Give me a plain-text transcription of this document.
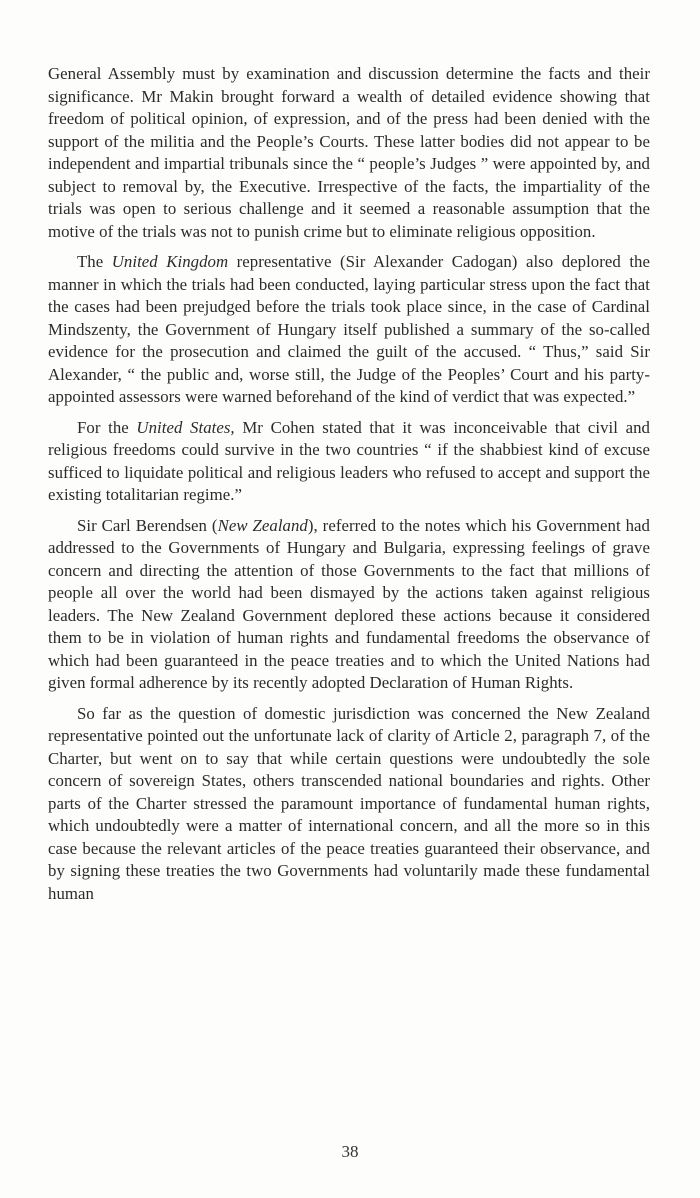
General Assembly must by examination and discussion determine the facts and their significance. Mr Makin brought forward a wealth of detailed evidence showing that freedom of political opinion, of expression, and of the press had been denied with the support of the militia and the People’s Courts. These latter bodies did not appear to be independent and impartial tribunals since the “ people’s Judges ” were appointed by, and subject to removal by, the Executive. Irrespective of the facts, the impartiality of the trials was open to serious challenge and it seemed a reasonable assumption that the motive of the trials was not to punish crime but to eliminate religious opposition.

The United Kingdom representative (Sir Alexander Cadogan) also deplored the manner in which the trials had been conducted, laying particular stress upon the fact that the cases had been prejudged before the trials took place since, in the case of Cardinal Mindszenty, the Government of Hungary itself published a summary of the so-called evidence for the prosecution and claimed the guilt of the accused. “ Thus,” said Sir Alexander, “ the public and, worse still, the Judge of the Peoples’ Court and his party-appointed assessors were warned beforehand of the kind of verdict that was expected.”

For the United States, Mr Cohen stated that it was inconceivable that civil and religious freedoms could survive in the two countries “ if the shabbiest kind of excuse sufficed to liquidate political and religious leaders who refused to accept and support the existing totalitarian regime.”

Sir Carl Berendsen (New Zealand), referred to the notes which his Government had addressed to the Governments of Hungary and Bulgaria, expressing feelings of grave concern and directing the attention of those Governments to the fact that millions of people all over the world had been dismayed by the actions taken against religious leaders. The New Zealand Government deplored these actions because it considered them to be in violation of human rights and fundamental freedoms the observance of which had been guaranteed in the peace treaties and to which the United Nations had given formal adherence by its recently adopted Declaration of Human Rights.

So far as the question of domestic jurisdiction was concerned the New Zealand representative pointed out the unfortunate lack of clarity of Article 2, paragraph 7, of the Charter, but went on to say that while certain questions were undoubtedly the sole concern of sovereign States, others transcended national boundaries and rights. Other parts of the Charter stressed the paramount importance of fundamental human rights, which undoubtedly were a matter of international concern, and all the more so in this case because the relevant articles of the peace treaties guaranteed their observance, and by signing these treaties the two Governments had voluntarily made these fundamental human

38
